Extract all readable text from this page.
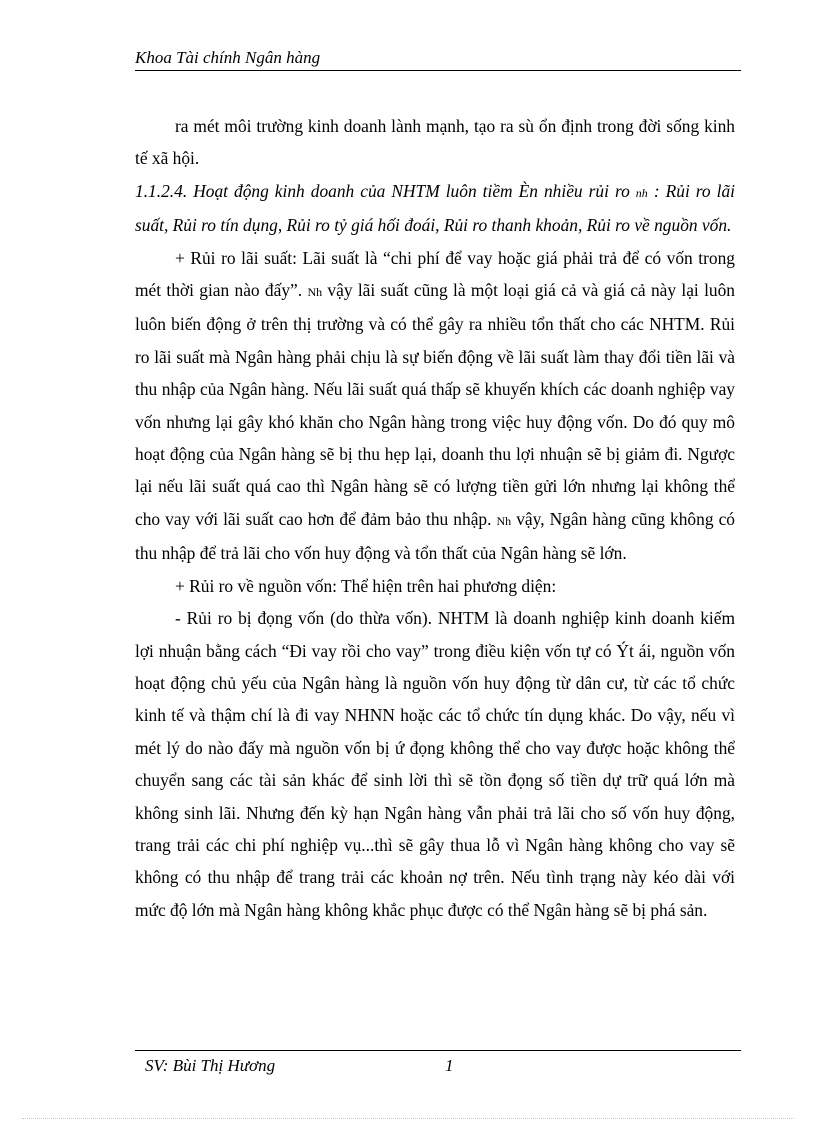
Khoa Tài chính Ngân hàng

ra mét môi trường kinh doanh lành mạnh, tạo ra sù ổn định trong đời sống kinh tế xã hội.

1.1.2.4. Hoạt động kinh doanh của NHTM luôn tiềm Èn nhiều rủi ro nh : Rủi ro lãi suất, Rủi ro tín dụng, Rủi ro tỷ giá hối đoái, Rủi ro thanh khoản, Rủi ro về nguồn vốn.

+ Rủi ro lãi suất: Lãi suất là “chi phí để vay hoặc giá phải trả để có vốn trong mét thời gian nào đấy”. Nh vậy lãi suất cũng là một loại giá cả và giá cả này lại luôn luôn biến động ở trên thị trường và có thể gây ra nhiều tổn thất cho các NHTM. Rủi ro lãi suất mà Ngân hàng phải chịu là sự biến động về lãi suất làm thay đổi tiền lãi và thu nhập của Ngân hàng. Nếu lãi suất quá thấp sẽ khuyến khích các doanh nghiệp vay vốn nhưng lại gây khó khăn cho Ngân hàng trong việc huy động vốn. Do đó quy mô hoạt động của Ngân hàng sẽ bị thu hẹp lại, doanh thu lợi nhuận sẽ bị giảm đi. Ngược lại nếu lãi suất quá cao thì Ngân hàng sẽ có lượng tiền gửi lớn nhưng lại không thể cho vay với lãi suất cao hơn để đảm bảo thu nhập. Nh vậy, Ngân hàng cũng không có thu nhập để trả lãi cho vốn huy động và tổn thất của Ngân hàng sẽ lớn.

+ Rủi ro về nguồn vốn: Thể hiện trên hai phương diện:

- Rủi ro bị đọng vốn (do thừa vốn). NHTM là doanh nghiệp kinh doanh kiếm lợi nhuận bằng cách “Đi vay rồi cho vay” trong điều kiện vốn tự có Ýt ái, nguồn vốn hoạt động chủ yếu của Ngân hàng là nguồn vốn huy động từ dân cư, từ các tổ chức kinh tế và thậm chí là đi vay NHNN hoặc các tổ chức tín dụng khác. Do vậy, nếu vì mét lý do nào đấy mà nguồn vốn bị ứ đọng không thể cho vay được hoặc không thể chuyển sang các tài sản khác để sinh lời thì sẽ tồn đọng số tiền dự trữ quá lớn mà không sinh lãi. Nhưng đến kỳ hạn Ngân hàng vẫn phải trả lãi cho số vốn huy động, trang trải các chi phí nghiệp vụ...thì sẽ gây thua lỗ vì Ngân hàng không cho vay sẽ không có thu nhập để trang trải các khoản nợ trên. Nếu tình trạng này kéo dài với mức độ lớn mà Ngân hàng không khắc phục được có thể Ngân hàng sẽ bị phá sản.

SV: Bùi Thị Hương	1
